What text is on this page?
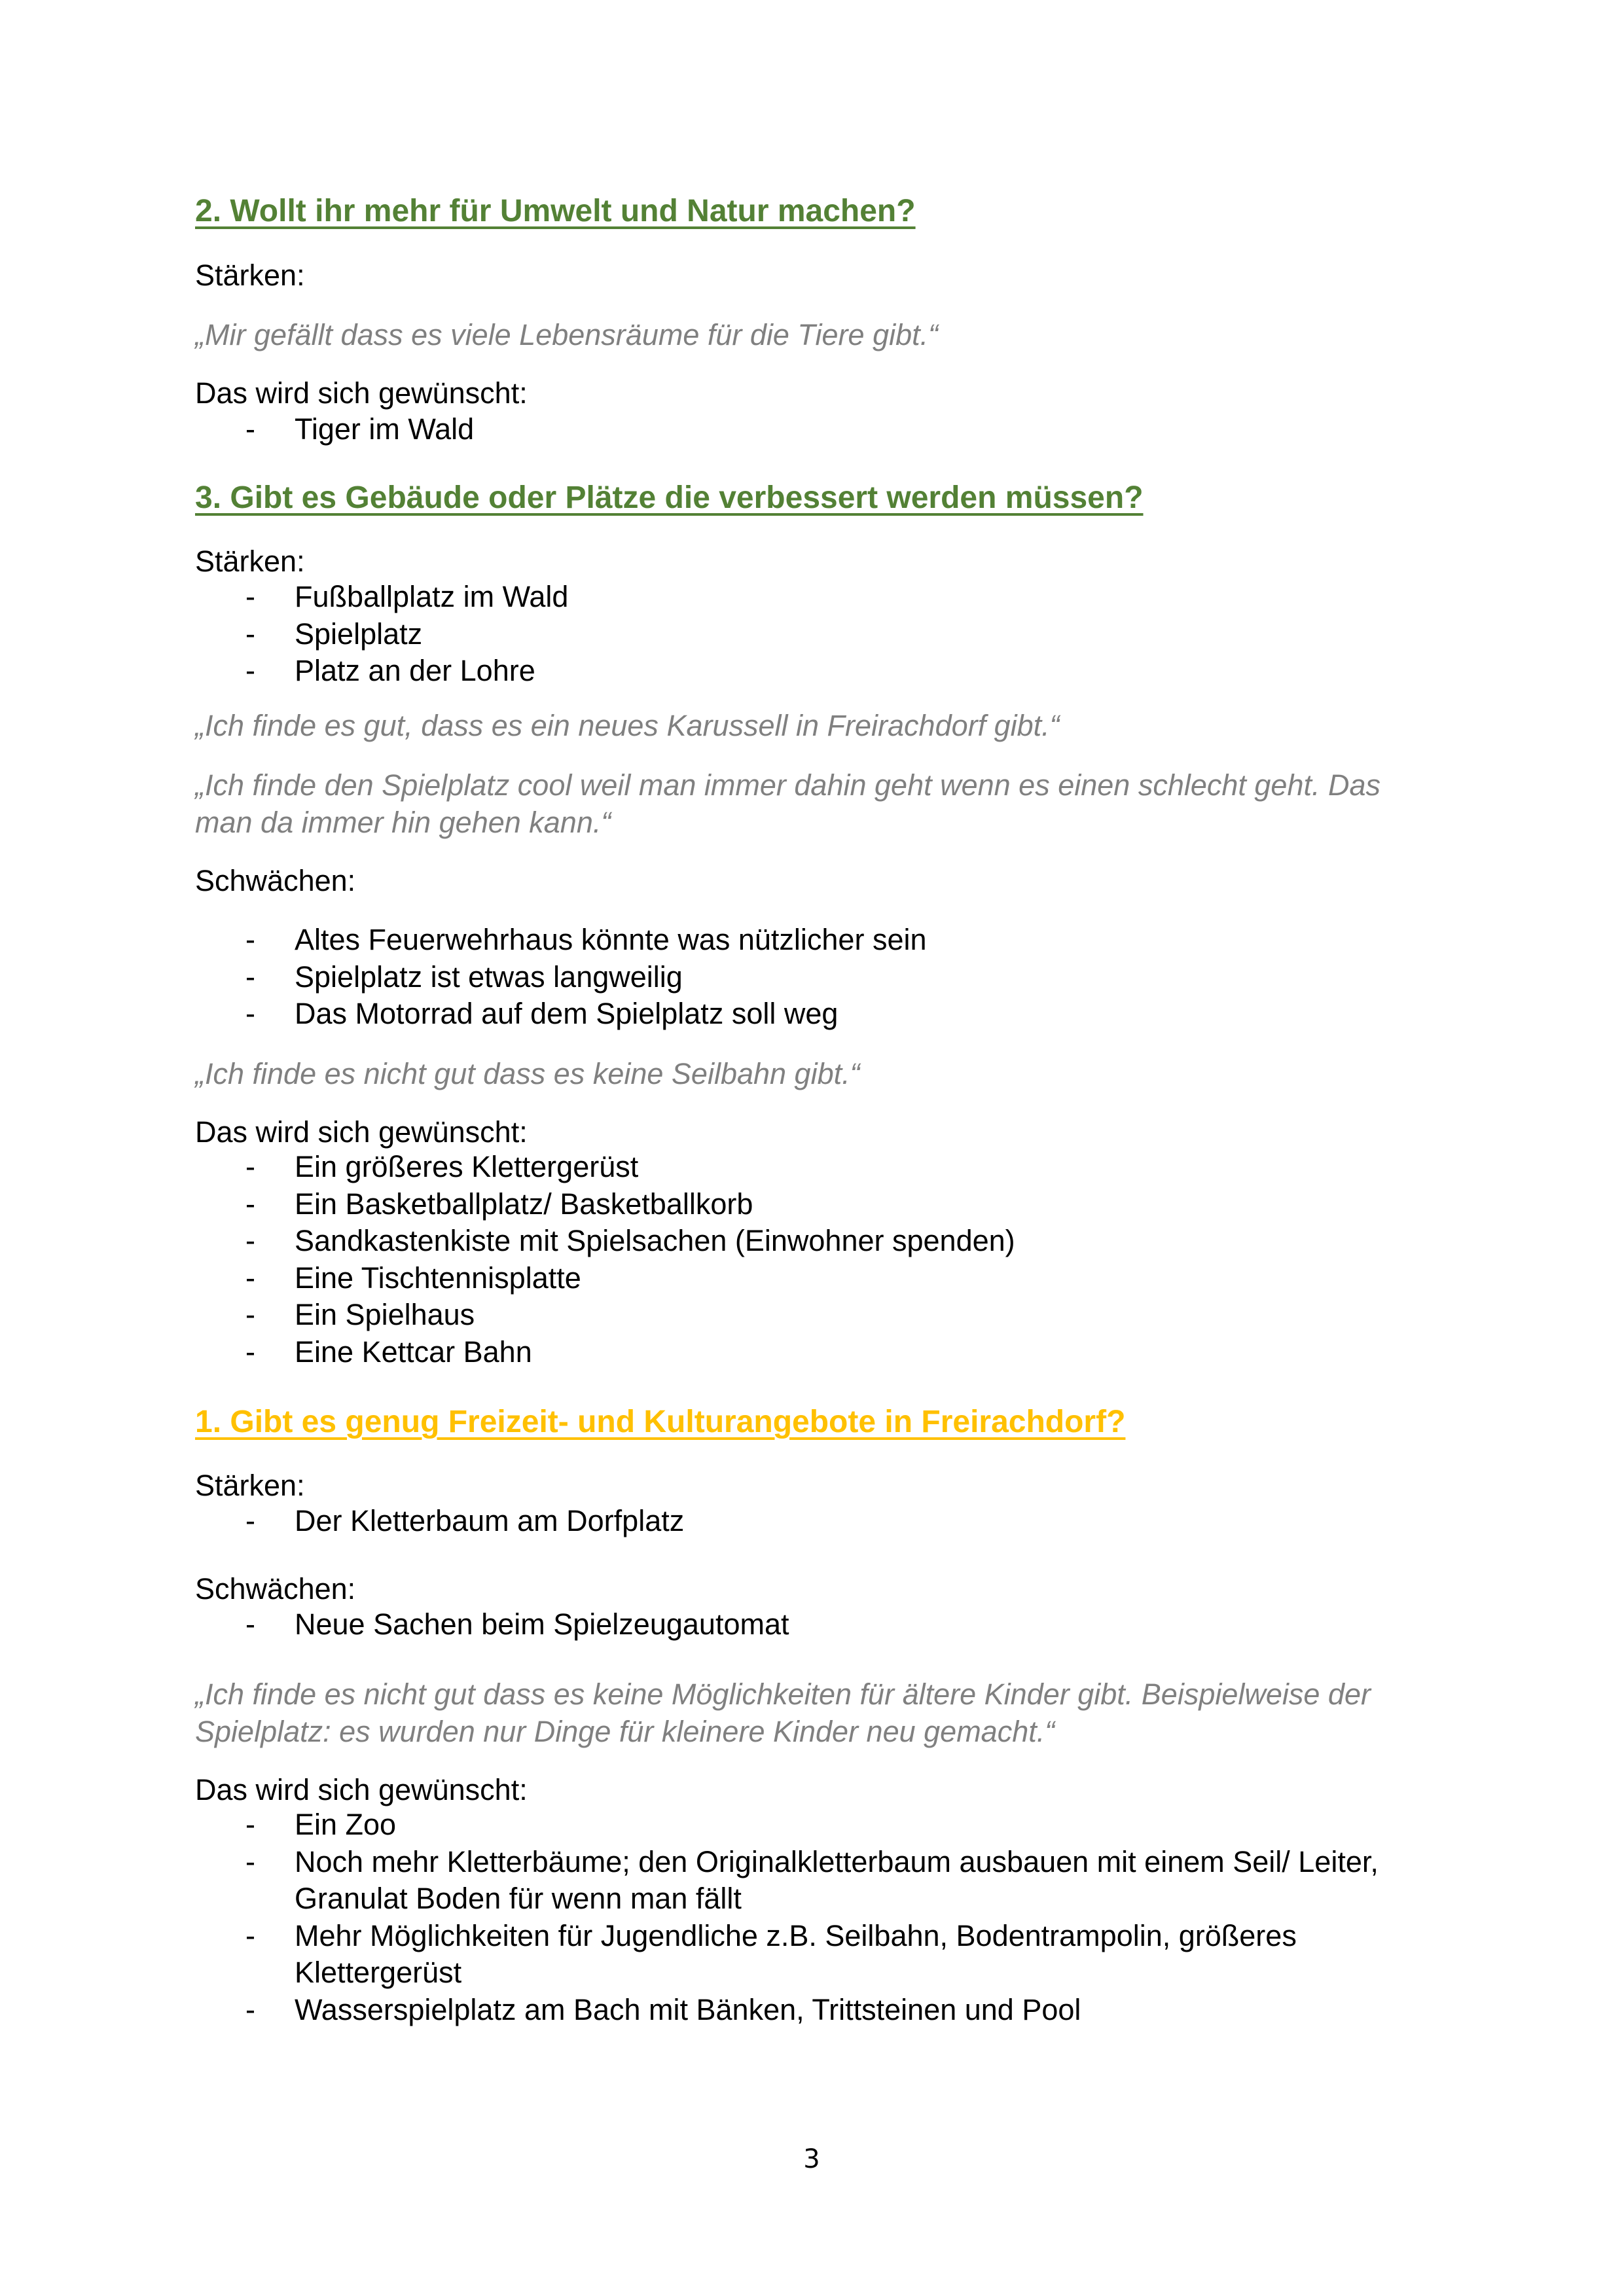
2. Wollt ihr mehr für Umwelt und Natur machen?
Stärken:
„Mir gefällt dass es viele Lebensräume für die Tiere gibt.“
Das wird sich gewünscht:
- Tiger im Wald
3. Gibt es Gebäude oder Plätze die verbessert werden müssen?
Stärken:
- Fußballplatz im Wald
- Spielplatz
- Platz an der Lohre
„Ich finde es gut, dass es ein neues Karussell in Freirachdorf gibt.“
„Ich finde den Spielplatz cool weil man immer dahin geht wenn es einen schlecht geht. Das
man da immer hin gehen kann.“
Schwächen:
- Altes Feuerwehrhaus könnte was nützlicher sein
- Spielplatz ist etwas langweilig
- Das Motorrad auf dem Spielplatz soll weg
„Ich finde es nicht gut dass es keine Seilbahn gibt.“
Das wird sich gewünscht:
- Ein größeres Klettergerüst
- Ein Basketballplatz/ Basketballkorb
- Sandkastenkiste mit Spielsachen (Einwohner spenden)
- Eine Tischtennisplatte
- Ein Spielhaus
- Eine Kettcar Bahn
1. Gibt es genug Freizeit- und Kulturangebote in Freirachdorf?
Stärken:
- Der Kletterbaum am Dorfplatz
Schwächen:
- Neue Sachen beim Spielzeugautomat
„Ich finde es nicht gut dass es keine Möglichkeiten für ältere Kinder gibt. Beispielweise der
Spielplatz: es wurden nur Dinge für kleinere Kinder neu gemacht.“
Das wird sich gewünscht:
- Ein Zoo
- Noch mehr Kletterbäume; den Originalkletterbaum ausbauen mit einem Seil/ Leiter,
Granulat Boden für wenn man fällt
- Mehr Möglichkeiten für Jugendliche z.B. Seilbahn, Bodentrampolin, größeres
Klettergerüst
- Wasserspielplatz am Bach mit Bänken, Trittsteinen und Pool
3
